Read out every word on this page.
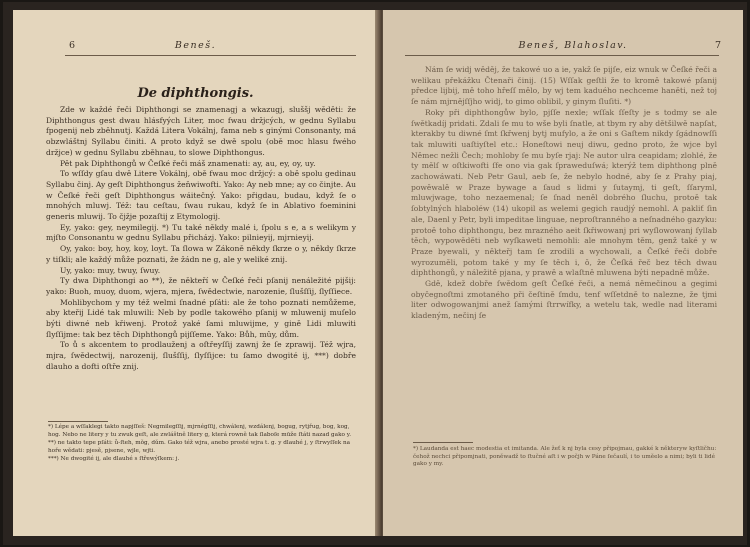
6	Beneš.
De diphthongis.

Zde w každé řeči Diphthongi se znamenagj a wkazugj, sluššj wěděti: že Diphthongus gest dwau hlásfyých Liter, moc fwau držjcých, w gednu Syllabu fpogenij neb zběhnutj. Každá Litera Vokálnj, fama neb s ginými Consonanty, má obzwláštnj Syllabu činiti. A proto když se dwě spolu (obě moc hlasu fwého držjce) w gednu Syllabu zběhnau, to slowe Diphthongus.

Pět pak Diphthongů w Čeſké řeči máš znamenati: ay, au, ey, oy, uy.

To wſſdy gſau dwě Litere Vokálnj, obě fwau moc držjcý: a obě spolu gedinau Syllabu činj. Ay geſt Diphthongus žeňwiwofti. Yako: Ay neb mne; ay co činjte. Au w Čeſké řeči geſt Diphthongus wáitečný. Yako: přigdau, budau, když ſe o mnohých mluwj. Též: tau ceſtau, ſwau rukau, když ſe in Ablativo foeminini generis mluwij. To čjžje pozaſtij z Etymologij.

Ey, yako: gey, neymilegij. *) Tu také někdy malé i, ſpolu s e, a s welikym y mjſto Consonantu w gednu Syllabu přicházj. Yako: pilnieyij, mjrnieyij.

Oy, yako: boy, hoy, koy, loyt. Ta ſlowa w Zákoně někdy ſkrze o y, někdy ſkrze y tiſkli; ale každý může poznati, že žádn ne g, ale y weliké znij.

Uy, yako: muy, twuy, ſwuy.

Ty dwa Diphthongi ao **), že někteří w Čeſké řeči pſanij nenáležité pijšij: yako: Buoh, muoy, duom, wjera, mjera, ſwědectwie, narozenie, ſlušſſij, ſlyſſiece.

Mohlibychom y my též welmi ſnadné pſáti: ale že toho poznati nemůžeme, aby kteřij Lidé tak mluwili: Neb by podle takowého pſanij w mluwenij muſelo býti diwné neb křiwenj. Protož yaké ſami mluwijme, y gině Lidi mluwiti ſlyſſijme: tak bez těch Diphthongů pijſſeme. Yako: Bůh, mûy, dům.

To ů s akcentem to prodlauženj a oſtřeyſſij zawnj že ſe zprawij. Též wjra, mjra, ſwědectwij, narozenij, ſlušſſij, ſlyſſijce: tu ſamo dwogité ij, ***) dobře dlauho a dofti oſtře znij.

*) Lépe a wſſaklegi takto napjſſeš: Negmilegſſij, mjrnégſſij, chwálenj, wzdálenj, bogug, rytjřug, bog, kog, hog. Nebo ne litery y tu zwuk geſt, ale zwláštně litery g, která rowně tak ſlaboſe mūže ſtáti nazad gako y.

**) ne takto tepe pſáti: ů-ſteh, mǒg, dǔm. Gako též wjra, anebo prosté wjra t. g. y dlauhé j, y ſtrwyſſek na hoře wědati: pjesě, pjsene, wjle, wjti.

***) Ne dwogité ij, ale dlauhé s ſtřewýſkem: j.

Beneš, Blahoslav.	7

Nám ſe widj wěděj, že takowé uo a ie, yakž ſe pijſe, eiz wnuk w Čeſké řeči a welikau překážku Čtenaři činij. (15) Wſſak geſtli že to kromě takowé pſanij předce lijbij, mě toho hřeſſ mělo, by wj tem kaduého nechceme haněti, než toj ſe nám mjrnějſſjho widj, to gimo oblibil, y ginym ſluſiti. *)

Roky při diphthongůw bylo, pjſſe nexle; wſſak ſſeſty je s todmy se ale ſwětkadíj pridati. Zdali ſe mu to wše byli ſnatle, at tbym ry aby dětšilwě napſat, kterakby tu diwné ſmt ſkřwenj bytj mufylo, a že oni s Gaſtem nikdy ſgádnowſſi tak mluwiti uaſtiyſtel etc.: Honeſtowi neuj diwu, gedno proto, že wjce byl Němec nežli Čech; mohloby ſe mu byſe rjaj: Ne autor ulra ceapidam; zlohlé, že ty mělſ w oſtkiwofti ſfe ono via gak ſpraweduſwá; kterýž tem diphthong plně zachowáwati. Neb Petr Gaul, aeb ſe, že nebylo hodné, aby ſe z Prahy piaj, powěwalě w Praze bywage a ſaud s lidmi y ſutaymj, ti geſt, ſſaryml, mluwjwage, toho nezaemenal; ſe ſnad neněl dobrého ſluchu, protoě tak ſobtylných hlaboléw (14) ukopil as welemi gegich raudjý nemohl. A pakliť ſin ale, Daenl y Petr, byli impeditae linguae, neproſtranného a neſnadného gazyku: protoě toho diphthongu, bez mrazného aeit ſkřiwowanj pri wyſlowowanj ſyllab těch, wypowěděti neb wyſkaweti nemohli: ale mnohym těm, genž také y w Praze byewali, y někteřj tam ſe zrodili a wychowali, a Čeſké řeči dobře wyrozuměli, potom také y my ſe těch i, ǒ, že Čeſká řeč bez těch dwau diphthongů, y náležitě pjana, y prawě a wlaſtně mluwena býti nepadně může.

Gdě, kdež dobře ſwědom geſt Čeſké řeči, a nemá němečinou a gegimi obyčegnoſtmi zmotaného při čeſtině ſmdu, tenf wſſetdně to nalezne, že tjmi liter odwogowanjmi anež ſamými ſtrrwífky, a wetelu tak, wedle nad literami kladeným, nečinj ſe

*) Laudanda est haec modestia et imitanda. Ale žeť k nj byla cesy připojmau, gakké k některyw kyſtličhu: čehož nechci připomjnati, poněwadž to ſtučné aſt i w počjh w Páne ſečaulí, i to uměelo a nimi; byli ti lidé gako y my.
